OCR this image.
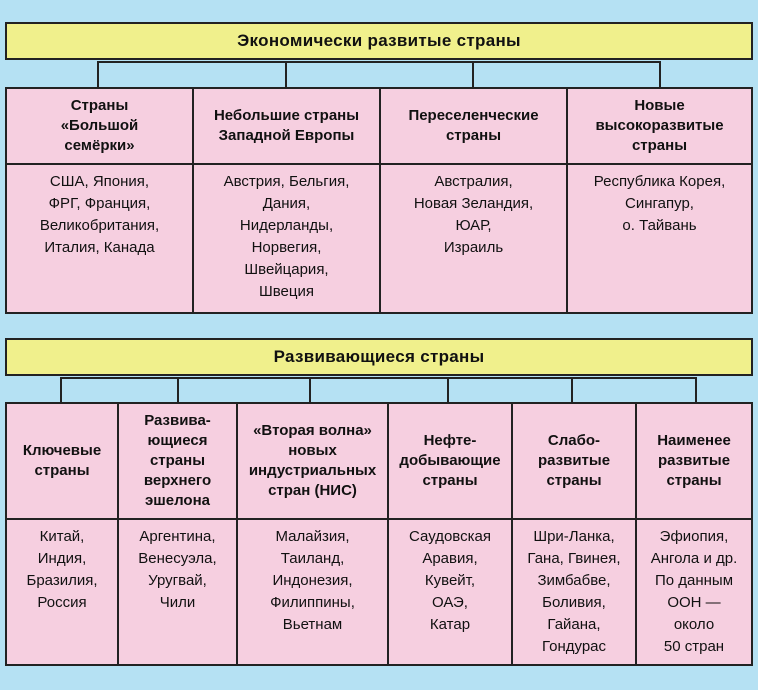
Экономически развитые страны
Страны
«Большой
семёрки»
США, Япония,
ФРГ, Франция,
Великобритания,
Италия, Канада
Небольшие страны
Западной Европы
Австрия, Бельгия,
Дания,
Нидерланды,
Норвегия,
Швейцария,
Швеция
Переселенческие
страны
Австралия,
Новая Зеландия,
ЮАР,
Израиль
Новые
высокоразвитые
страны
Республика Корея,
Сингапур,
о. Тайвань
Развивающиеся страны
Ключевые
страны
Китай,
Индия,
Бразилия,
Россия
Развива-
ющиеся
страны
верхнего
эшелона
Аргентина,
Венесуэла,
Уругвай,
Чили
«Вторая волна»
новых
индустриальных
стран (НИС)
Малайзия,
Таиланд,
Индонезия,
Филиппины,
Вьетнам
Нефте-
добывающие
страны
Саудовская
Аравия,
Кувейт,
ОАЭ,
Катар
Слабо-
развитые
страны
Шри-Ланка,
Гана, Гвинея,
Зимбабве,
Боливия,
Гайана,
Гондурас
Наименее
развитые
страны
Эфиопия,
Ангола и др.
По данным
ООН —
около
50 стран
